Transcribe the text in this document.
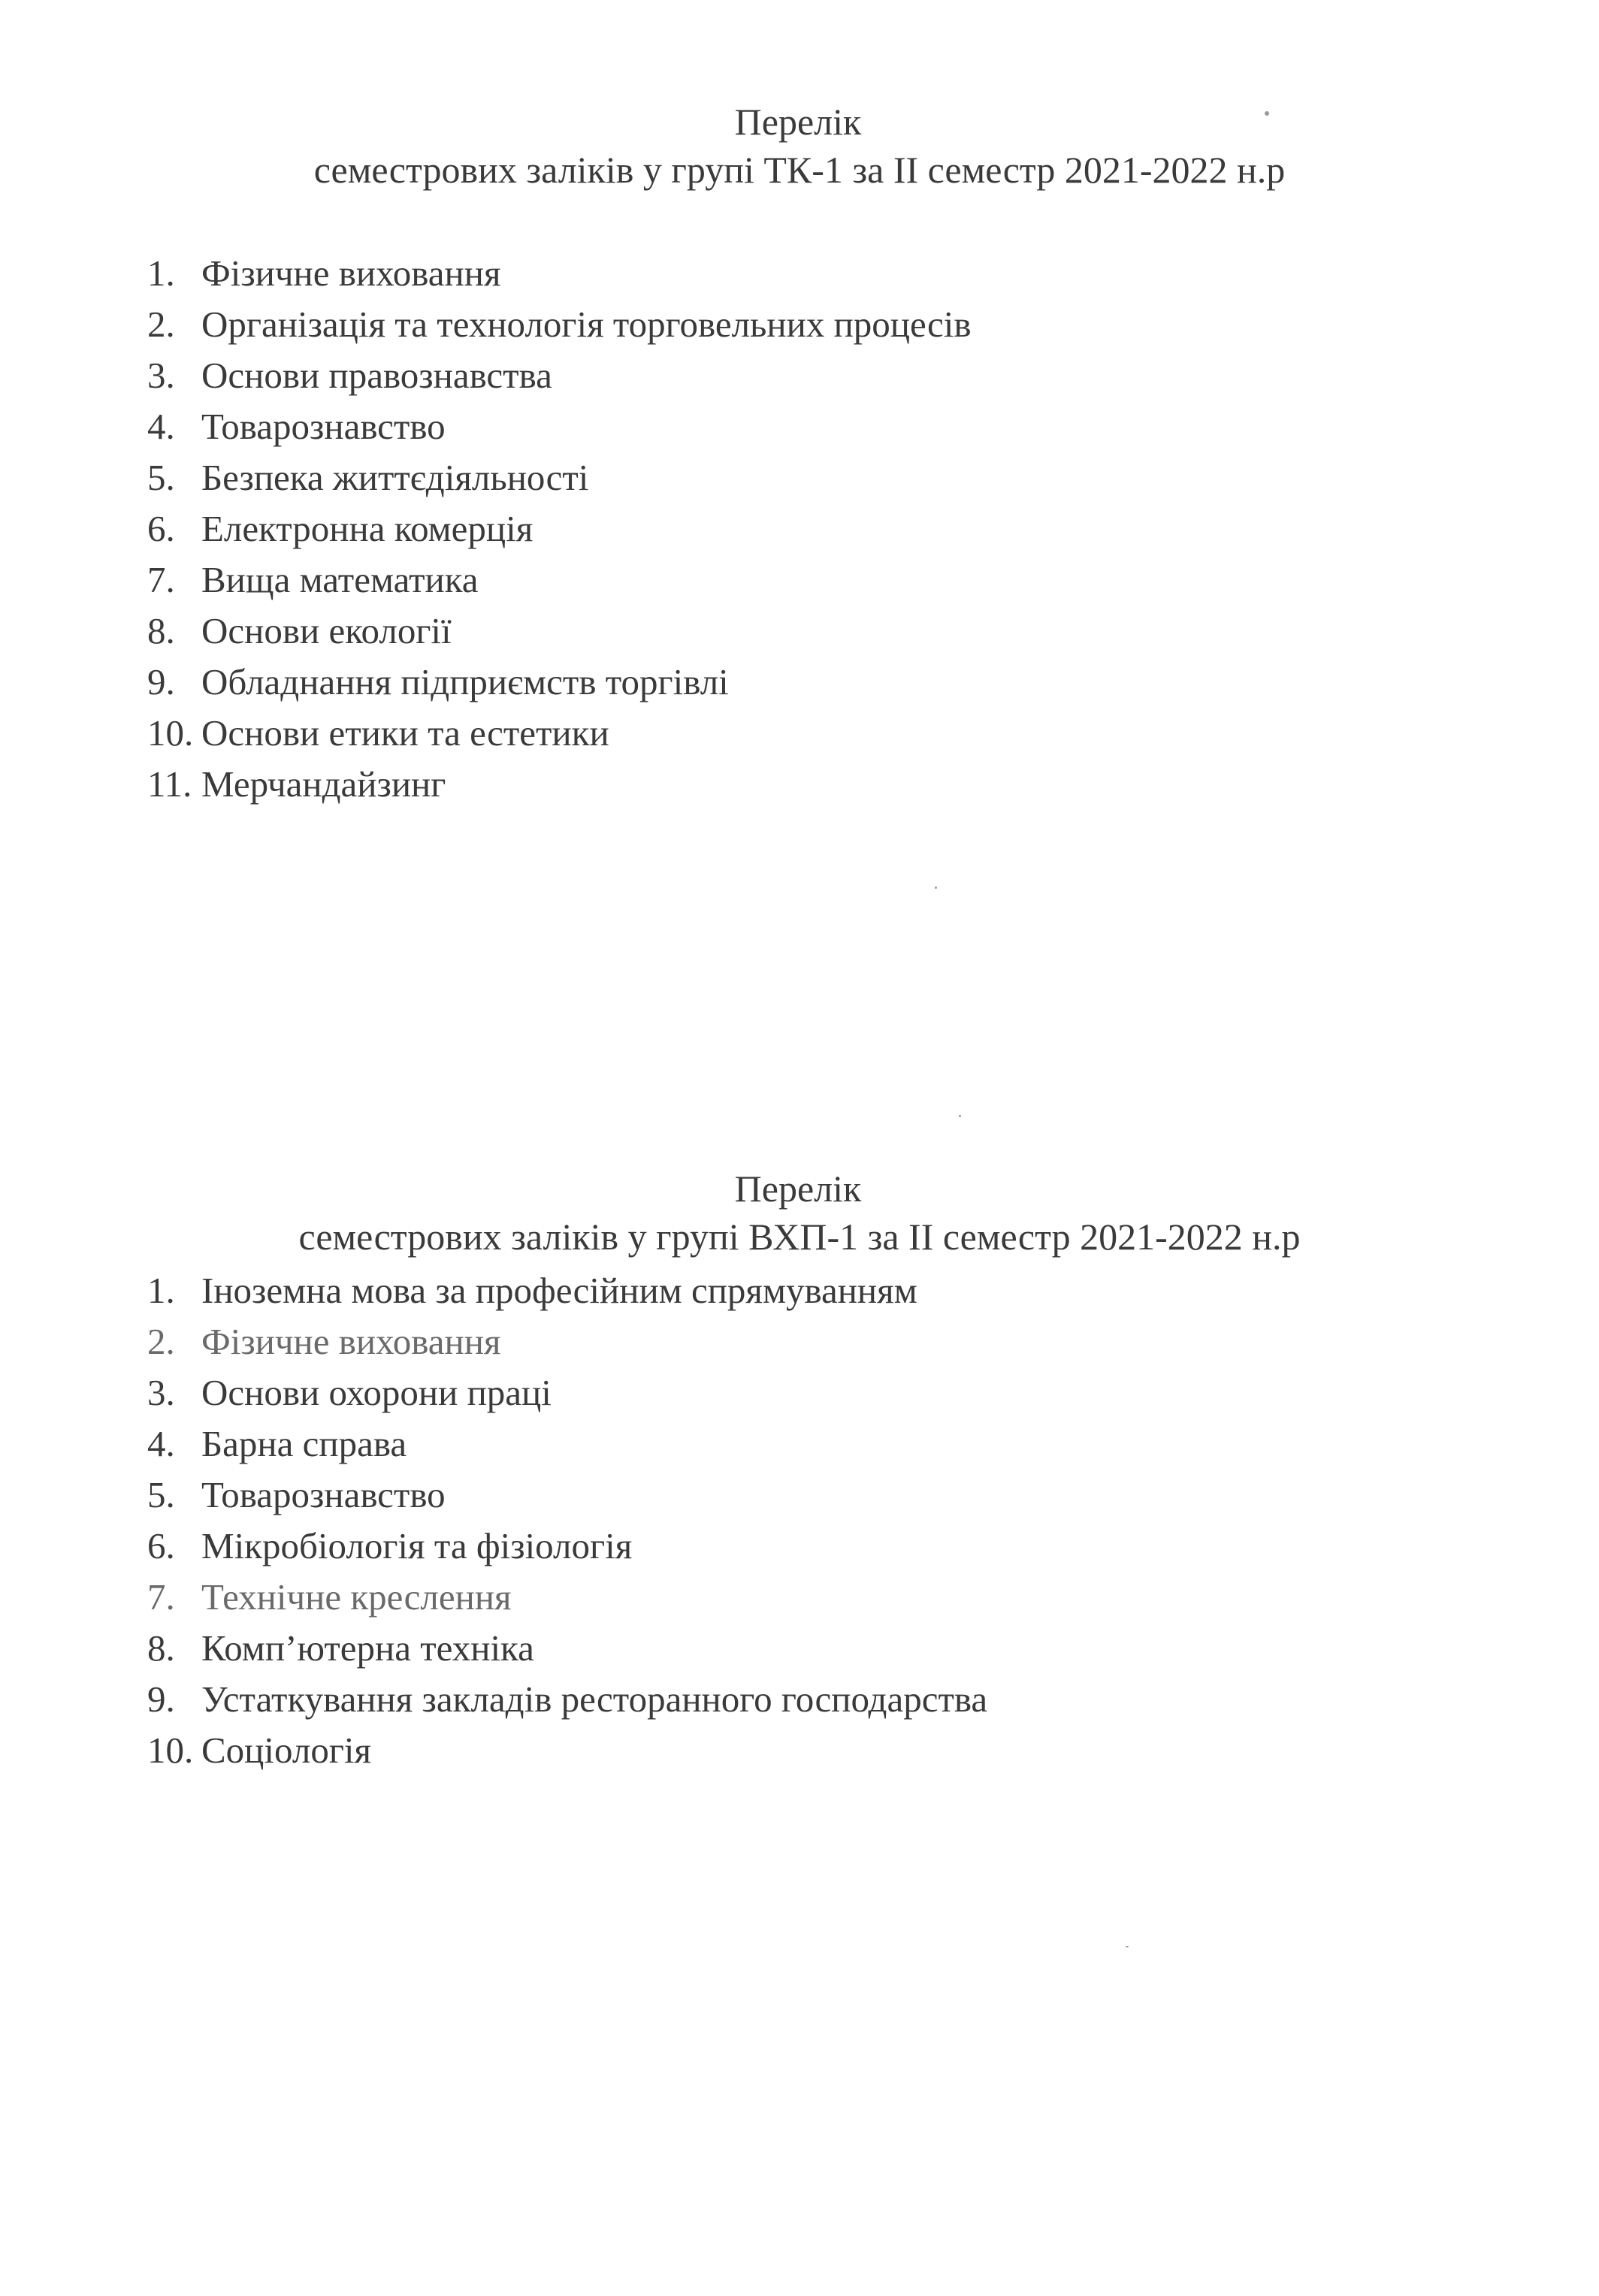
Перелік
семестрових заліків у групі ТК-1 за ІІ семестр 2021-2022 н.р
1. Фізичне виховання
2. Організація та технологія торговельних процесів
3. Основи правознавства
4. Товарознавство
5. Безпека життєдіяльності
6. Електронна комерція
7. Вища математика
8. Основи екології
9. Обладнання підприємств торгівлі
10. Основи етики та естетики
11. Мерчандайзинг
Перелік
семестрових заліків у групі ВХП-1 за ІІ семестр 2021-2022 н.р
1. Іноземна мова за професійним спрямуванням
2. Фізичне виховання
3. Основи охорони праці
4. Барна справа
5. Товарознавство
6. Мікробіологія та фізіологія
7. Технічне креслення
8. Комп’ютерна техніка
9. Устаткування закладів ресторанного господарства
10. Соціологія
